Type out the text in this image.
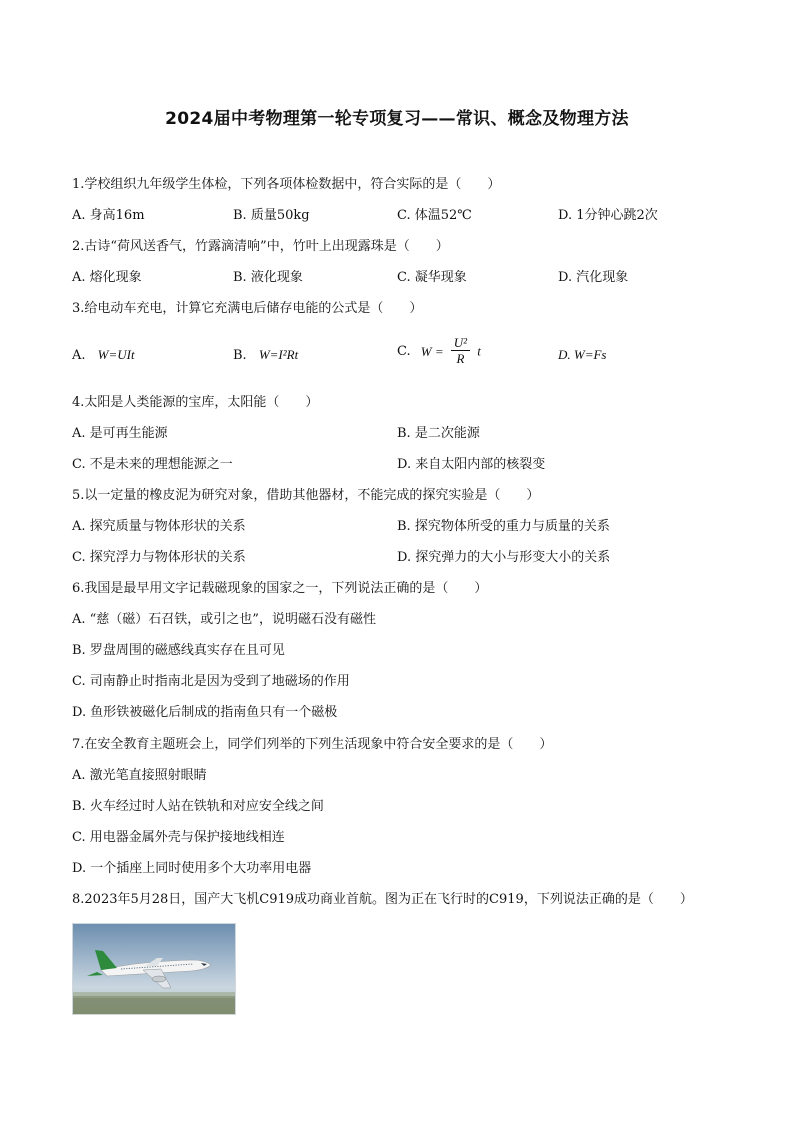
2024届中考物理第一轮专项复习——常识、概念及物理方法
1.学校组织九年级学生体检，下列各项体检数据中，符合实际的是（　　）
A. 身高16m	B. 质量50kg	C. 体温52℃	D. 1分钟心跳2次
2.古诗“荷风送香气，竹露滴清响”中，竹叶上出现露珠是（　　）
A. 熔化现象	B. 液化现象	C. 凝华现象	D. 汽化现象
3.给电动车充电，计算它充满电后储存电能的公式是（　　）
A. W=UIt	B. W=I²Rt	C. $W = \frac{\text{U²}}{R}$ t	D. W=Fs
4.太阳是人类能源的宝库，太阳能（　　）
A. 是可再生能源	B. 是二次能源
C. 不是未来的理想能源之一	D. 来自太阳内部的核裂变
5.以一定量的橡皮泥为研究对象，借助其他器材，不能完成的探究实验是（　　）
A. 探究质量与物体形状的关系	B. 探究物体所受的重力与质量的关系
C. 探究浮力与物体形状的关系	D. 探究弹力的大小与形变大小的关系
6.我国是最早用文字记载磁现象的国家之一，下列说法正确的是（　　）
A. “慈（磁）石召铁，或引之也”，说明磁石没有磁性
B. 罗盘周围的磁感线真实存在且可见
C. 司南静止时指南北是因为受到了地磁场的作用
D. 鱼形铁被磁化后制成的指南鱼只有一个磁极
7.在安全教育主题班会上，同学们列举的下列生活现象中符合安全要求的是（　　）
A. 激光笔直接照射眼睛
B. 火车经过时人站在铁轨和对应安全线之间
C. 用电器金属外壳与保护接地线相连
D. 一个插座上同时使用多个大功率用电器
8.2023年5月28日，国产大飞机C919成功商业首航。图为正在飞行时的C919，下列说法正确的是（　　）
